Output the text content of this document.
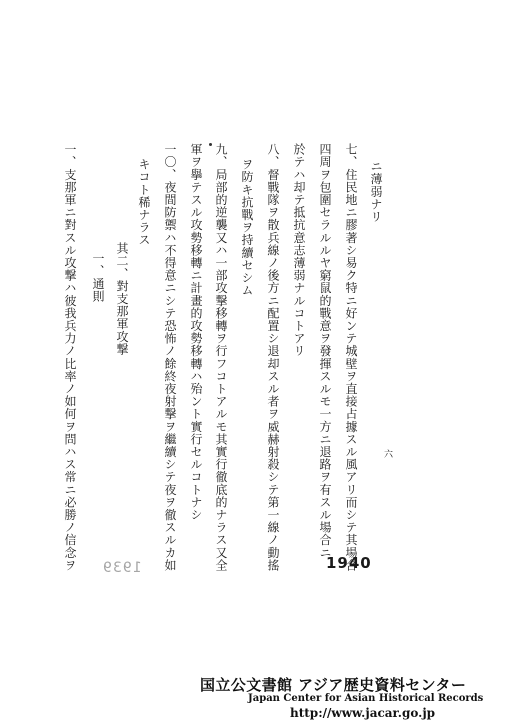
ニ薄弱ナリ
七、住民地ニ膠著シ易ク特ニ好ンテ城壁ヲ直接占據スル風アリ而シテ其場合
四周ヲ包圍セラルルヤ窮鼠的戰意ヲ發揮スルモ一方ニ退路ヲ有スル場合ニ
於テハ却テ抵抗意志薄弱ナルコトアリ
八、督戰隊ヲ散兵線ノ後方ニ配置シ退却スル者ヲ威赫射殺シテ第一線ノ動搖
ヲ防キ抗戰ヲ持續セシム
九、局部的逆襲又ハ一部攻撃移轉ヲ行フコトアルモ其實行徹底的ナラス又全
軍ヲ擧テスル攻勢移轉ニ計畫的攻勢移轉ハ殆ント實行セルコトナシ
一〇、夜間防禦ハ不得意ニシテ恐怖ノ餘終夜射撃ヲ繼續シテ夜ヲ徹スルカ如
キコト稀ナラス
其二、對支那軍攻撃
一、通則
一、支那軍ニ對スル攻撃ハ彼我兵力ノ比率ノ如何ヲ問ハス常ニ必勝ノ信念ヲ	六
1940
1939
国立公文書館 アジア歴史資料センター
Japan Center for Asian Historical Records
http://www.jacar.go.jp
